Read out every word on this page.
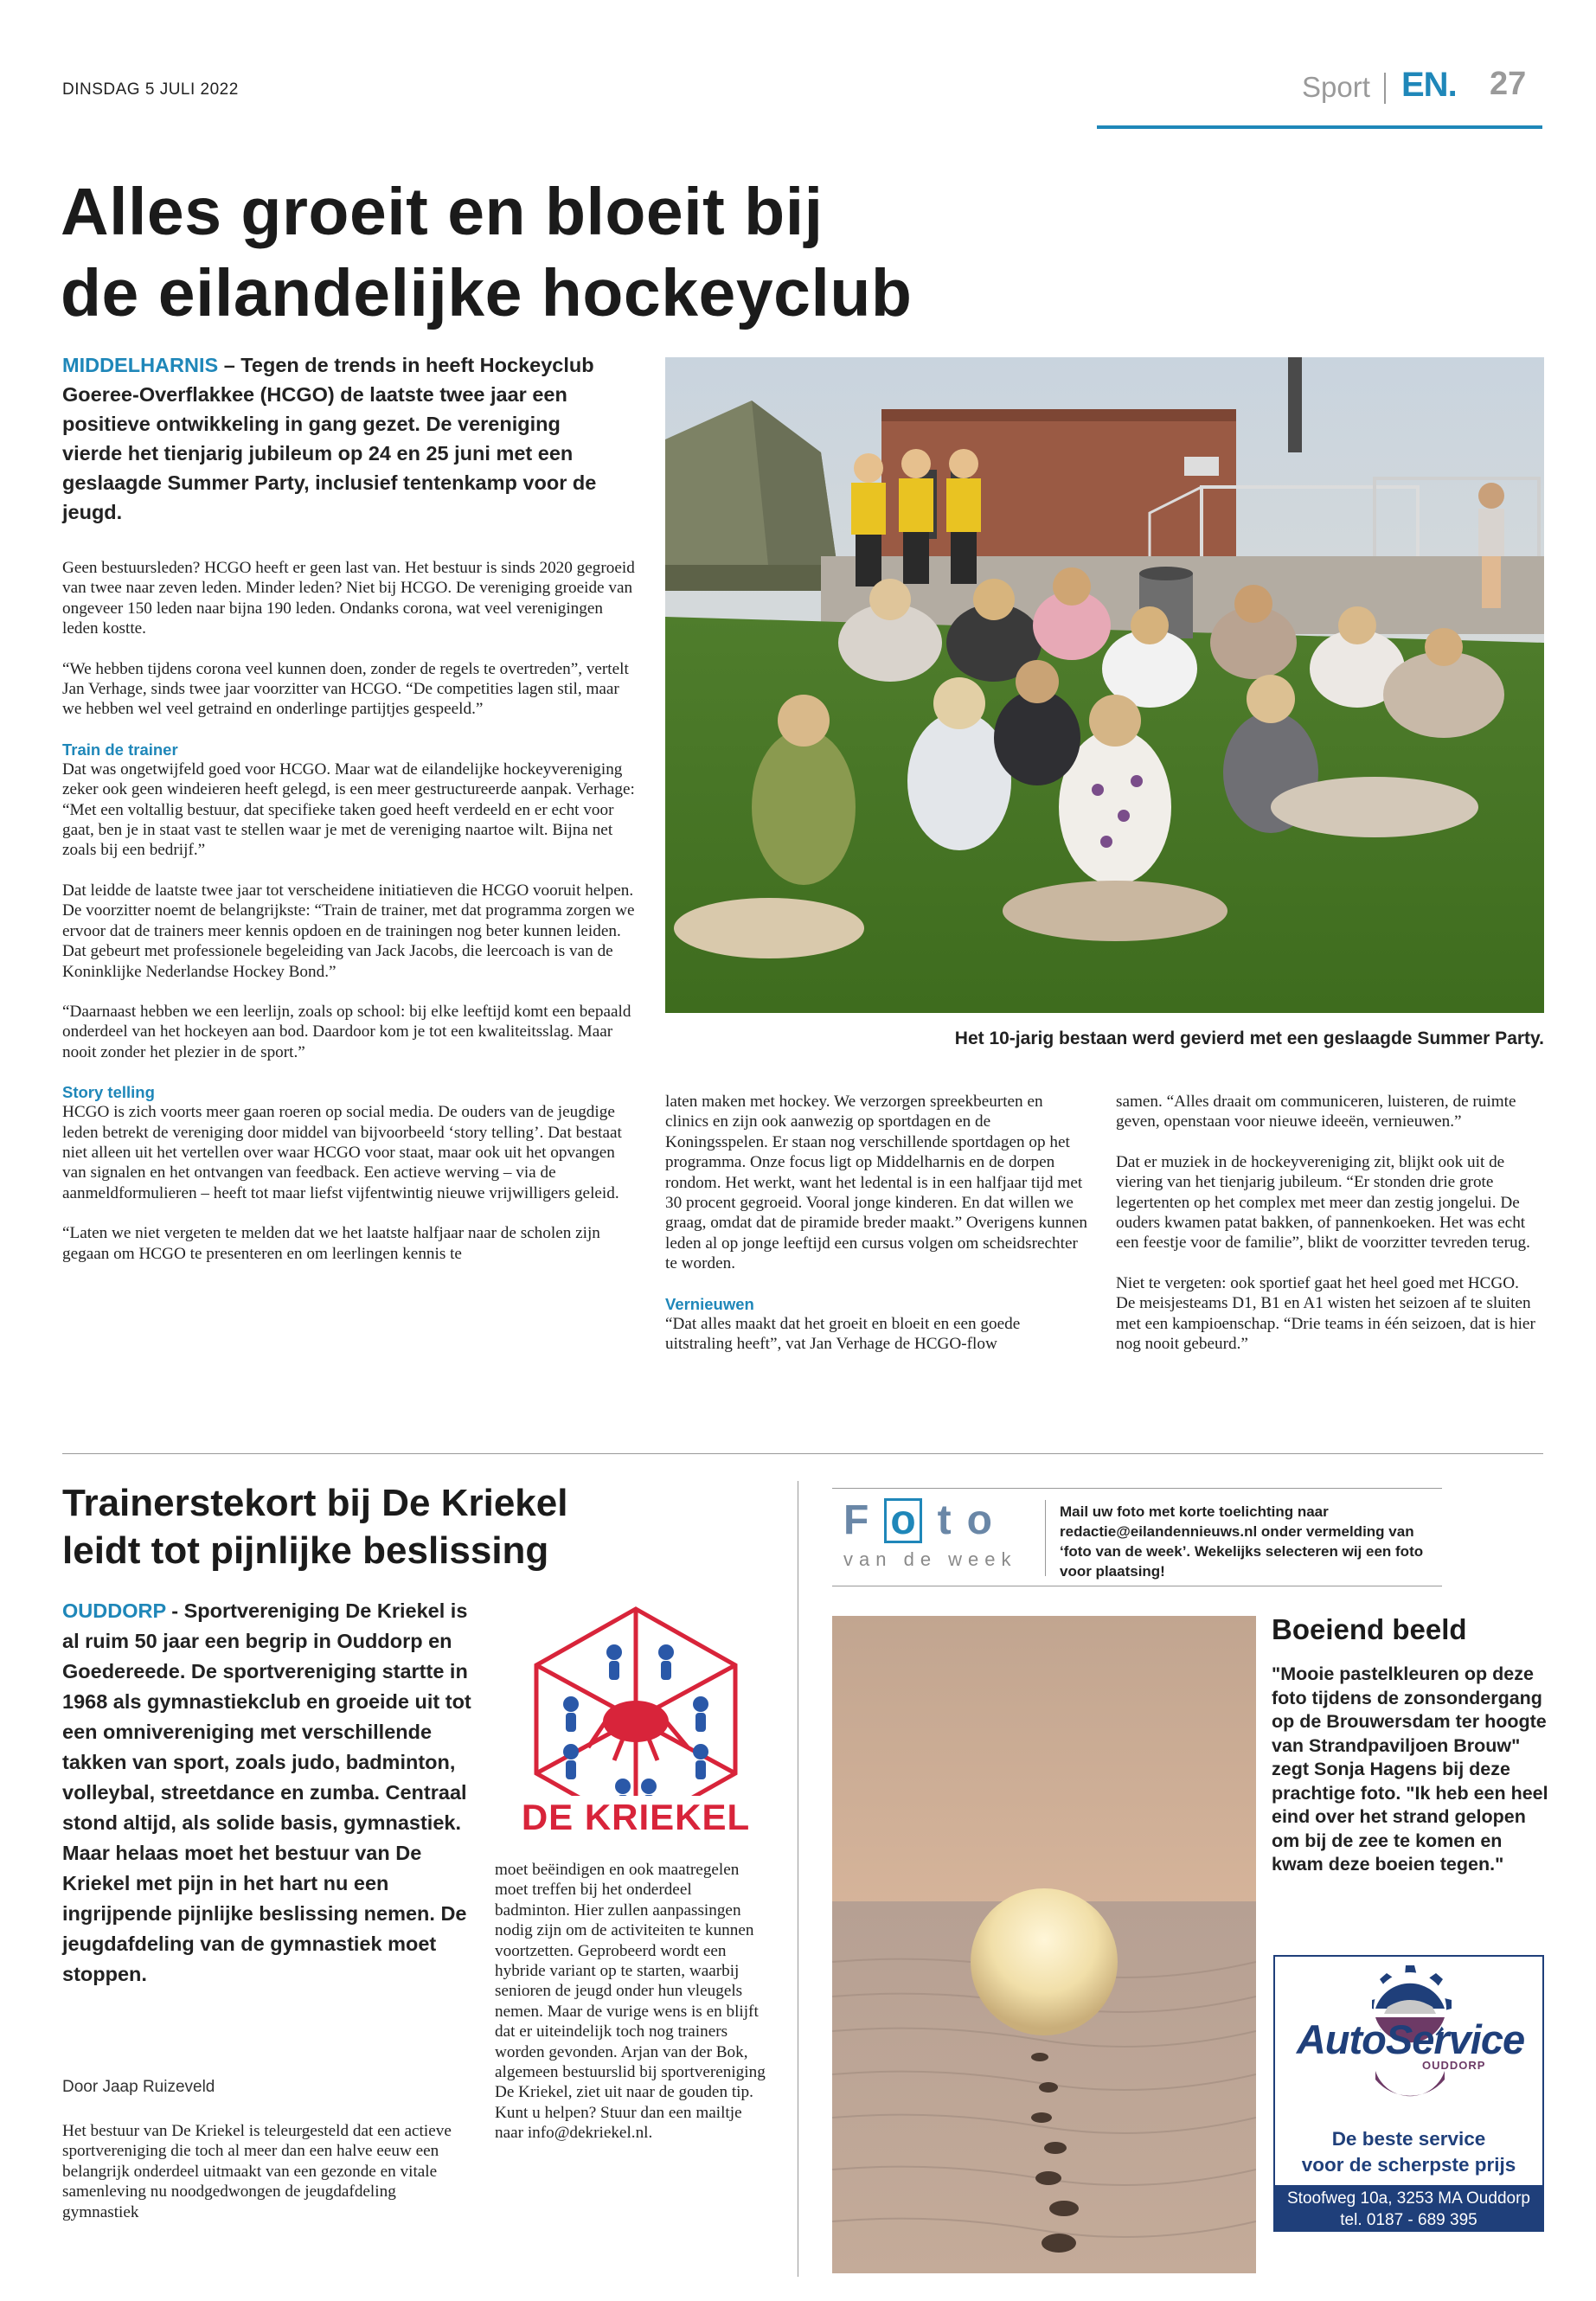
DINSDAG 5 JULI 2022	Sport EN. 27
Alles groeit en bloeit bij
de eilandelijke hockeyclub
MIDDELHARNIS – Tegen de trends in heeft Hockeyclub Goeree-Overflakkee (HCGO) de laatste twee jaar een positieve ontwikkeling in gang gezet. De vereniging vierde het tienjarig jubileum op 24 en 25 juni met een geslaagde Summer Party, inclusief tentenkamp voor de jeugd.

Geen bestuursleden? HCGO heeft er geen last van. Het bestuur is sinds 2020 gegroeid van twee naar zeven leden. Minder leden? Niet bij HCGO. De vereniging groeide van ongeveer 150 leden naar bijna 190 leden. Ondanks corona, wat veel verenigingen leden kostte.

“We hebben tijdens corona veel kunnen doen, zonder de regels te overtreden”, vertelt Jan Verhage, sinds twee jaar voorzitter van HCGO. “De competities lagen stil, maar we hebben wel veel getraind en onderlinge partijtjes gespeeld.”

Train de trainer
Dat was ongetwijfeld goed voor HCGO. Maar wat de eilandelijke hockeyvereniging zeker ook geen windeieren heeft gelegd, is een meer gestructureerde aanpak. Verhage: “Met een voltallig bestuur, dat specifieke taken goed heeft verdeeld en er echt voor gaat, ben je in staat vast te stellen waar je met de vereniging naartoe wilt. Bijna net zoals bij een bedrijf.”

Dat leidde de laatste twee jaar tot verscheidene initiatieven die HCGO vooruit helpen. De voorzitter noemt de belangrijkste: “Train de trainer, met dat programma zorgen we ervoor dat de trainers meer kennis opdoen en de trainingen nog beter kunnen leiden. Dat gebeurt met professionele begeleiding van Jack Jacobs, die leercoach is van de Koninklijke Nederlandse Hockey Bond.”

“Daarnaast hebben we een leerlijn, zoals op school: bij elke leeftijd komt een bepaald onderdeel van het hockeyen aan bod. Daardoor kom je tot een kwaliteitsslag. Maar nooit zonder het plezier in de sport.”

Story telling
HCGO is zich voorts meer gaan roeren op social media. De ouders van de jeugdige leden betrekt de vereniging door middel van bijvoorbeeld ‘story telling’. Dat bestaat niet alleen uit het vertellen over waar HCGO voor staat, maar ook uit het opvangen van signalen en het ontvangen van feedback. Een actieve werving – via de aanmeldformulieren – heeft tot maar liefst vijfentwintig nieuwe vrijwilligers geleid.

“Laten we niet vergeten te melden dat we het laatste halfjaar naar de scholen zijn gegaan om HCGO te presenteren en om leerlingen kennis te

Het 10-jarig bestaan werd gevierd met een geslaagde Summer Party.

laten maken met hockey. We verzorgen spreekbeurten en clinics en zijn ook aanwezig op sportdagen en de Koningsspelen. Er staan nog verschillende sportdagen op het programma. Onze focus ligt op Middelharnis en de dorpen rondom. Het werkt, want het ledental is in een halfjaar tijd met 30 procent gegroeid. Vooral jonge kinderen. En dat willen we graag, omdat dat de piramide breder maakt.” Overigens kunnen leden al op jonge leeftijd een cursus volgen om scheidsrechter te worden.

Vernieuwen
“Dat alles maakt dat het groeit en bloeit en een goede uitstraling heeft”, vat Jan Verhage de HCGO-flow

samen. “Alles draait om communiceren, luisteren, de ruimte geven, openstaan voor nieuwe ideeën, vernieuwen.”

Dat er muziek in de hockeyvereniging zit, blijkt ook uit de viering van het tienjarig jubileum. “Er stonden drie grote legertenten op het complex met meer dan zestig jongelui. De ouders kwamen patat bakken, of pannenkoeken. Het was echt een feestje voor de familie”, blikt de voorzitter tevreden terug.

Niet te vergeten: ook sportief gaat het heel goed met HCGO. De meisjesteams D1, B1 en A1 wisten het seizoen af te sluiten met een kampioenschap. “Drie teams in één seizoen, dat is hier nog nooit gebeurd.”

Trainerstekort bij De Kriekel
leidt tot pijnlijke beslissing
OUDDORP - Sportvereniging De Kriekel is al ruim 50 jaar een begrip in Ouddorp en Goedereede. De sportvereniging startte in 1968 als gymnastiekclub en groeide uit tot een omnivereniging met verschillende takken van sport, zoals judo, badminton, volleybal, streetdance en zumba. Centraal stond altijd, als solide basis, gymnastiek. Maar helaas moet het bestuur van De Kriekel met pijn in het hart nu een ingrijpende pijnlijke beslissing nemen. De jeugdafdeling van de gymnastiek moet stoppen.
Door Jaap Ruizeveld

Het bestuur van De Kriekel is teleurgesteld dat een actieve sportvereniging die toch al meer dan een halve eeuw een belangrijk onderdeel uitmaakt van een gezonde en vitale samenleving nu noodgedwongen de jeugdafdeling gymnastiek

DE KRIEKEL

moet beëindigen en ook maatregelen moet treffen bij het onderdeel badminton. Hier zullen aanpassingen nodig zijn om de activiteiten te kunnen voortzetten. Geprobeerd wordt een hybride variant op te starten, waarbij senioren de jeugd onder hun vleugels nemen. Maar de vurige wens is en blijft dat er uiteindelijk toch nog trainers worden gevonden. Arjan van der Bok, algemeen bestuurslid bij sportvereniging De Kriekel, ziet uit naar de gouden tip. Kunt u helpen? Stuur dan een mailtje naar info@dekriekel.nl.

F o to
van de week
Mail uw foto met korte toelichting naar redactie@eilandennieuws.nl onder vermelding van ‘foto van de week’. Wekelijks selecteren wij een foto voor plaatsing!
Boeiend beeld
"Mooie pastelkleuren op deze foto tijdens de zonsondergang op de Brouwersdam ter hoogte van Strandpaviljoen Brouw" zegt Sonja Hagens bij deze prachtige foto. "Ik heb een heel eind over het strand gelopen om bij de zee te komen en kwam deze boeien tegen."
AutoService
OUDDORP
De beste service
voor de scherpste prijs
Stoofweg 10a, 3253 MA Ouddorp
tel. 0187 - 689 395
